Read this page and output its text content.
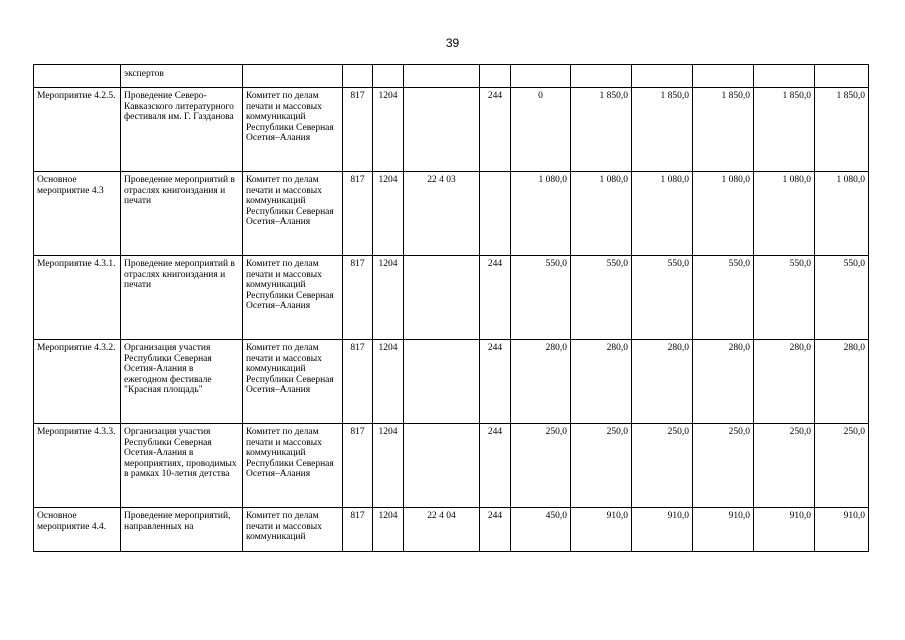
39
	экспертов											
Мероприятие 4.2.5.	Проведение Северо-Кавказского литературного фестиваля им. Г. Газданова	Комитет по делам печати и массовых коммуникаций Республики Северная Осетия–Алания	817	1204		244	0	1 850,0	1 850,0	1 850,0	1 850,0	1 850,0
Основное мероприятие 4.3	Проведение мероприятий в отраслях книгоиздания и печати	Комитет по делам печати и массовых коммуникаций Республики Северная Осетия–Алания	817	1204	22 4 03		1 080,0	1 080,0	1 080,0	1 080,0	1 080,0	1 080,0
Мероприятие 4.3.1.	Проведение мероприятий в отраслях книгоиздания и печати	Комитет по делам печати и массовых коммуникаций Республики Северная Осетия–Алания	817	1204		244	550,0	550,0	550,0	550,0	550,0	550,0
Мероприятие 4.3.2.	Организация участия Республики Северная Осетия-Алания в ежегодном фестивале "Красная площадь"	Комитет по делам печати и массовых коммуникаций Республики Северная Осетия–Алания	817	1204		244	280,0	280,0	280,0	280,0	280,0	280,0
Мероприятие 4.3.3.	Организация участия Республики Северная Осетия-Алания в мероприятиях, проводимых в рамках 10-летия детства	Комитет по делам печати и массовых коммуникаций Республики Северная Осетия–Алания	817	1204		244	250,0	250,0	250,0	250,0	250,0	250,0
Основное мероприятие 4.4.	Проведение мероприятий, направленных на	Комитет по делам печати и массовых коммуникаций	817	1204	22 4 04	244	450,0	910,0	910,0	910,0	910,0	910,0
